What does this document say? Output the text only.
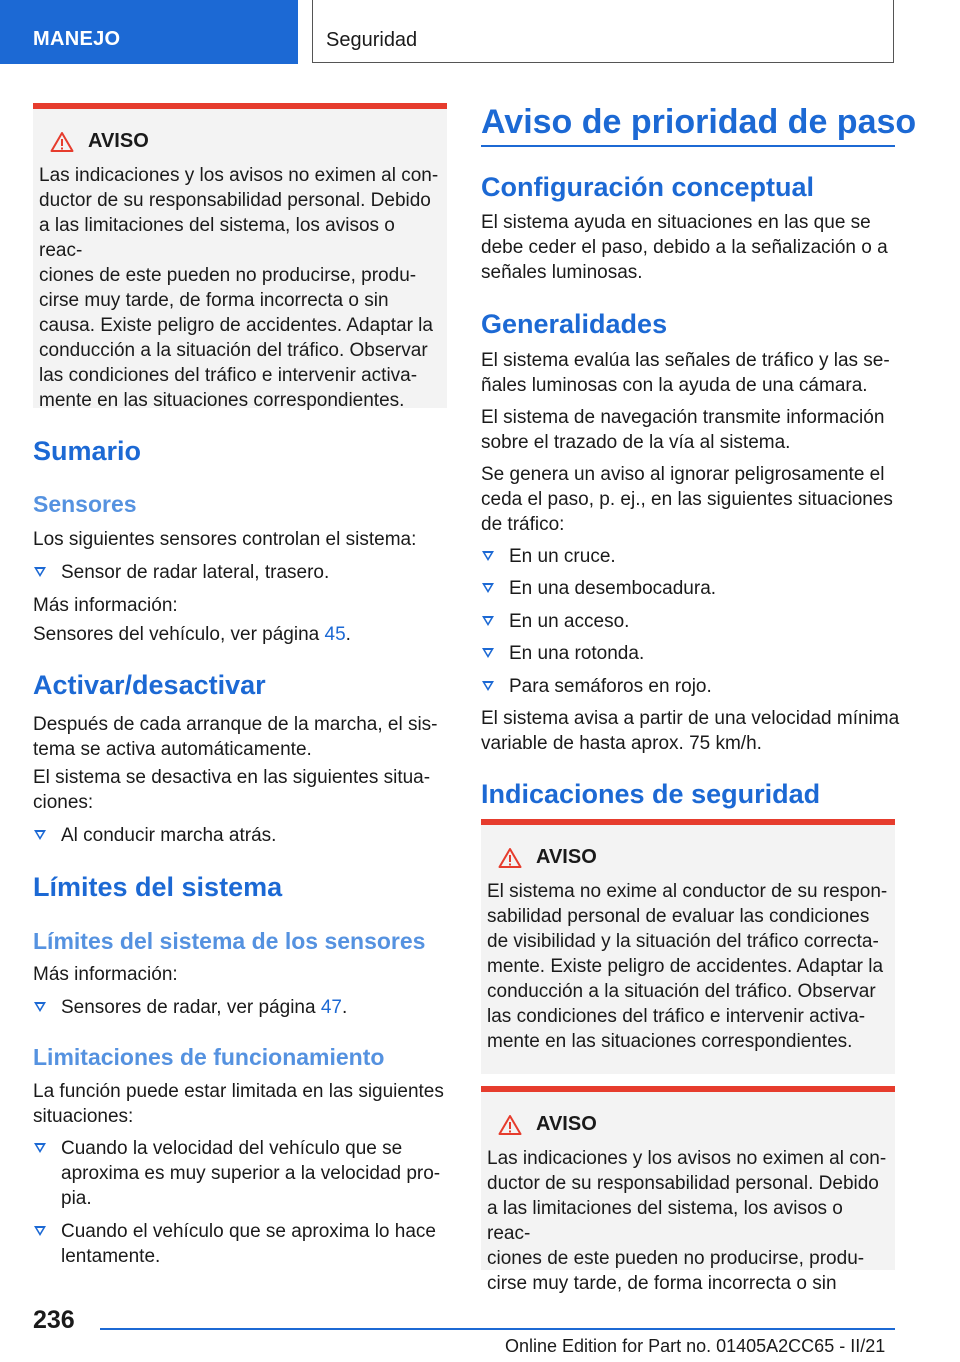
MANEJO	Seguridad
AVISO

Las indicaciones y los avisos no eximen al con-
ductor de su responsabilidad personal. Debido
a las limitaciones del sistema, los avisos o reac-
ciones de este pueden no producirse, produ-
cirse muy tarde, de forma incorrecta o sin
causa. Existe peligro de accidentes. Adaptar la
conducción a la situación del tráfico. Observar
las condiciones del tráfico e intervenir activa-
mente en las situaciones correspondientes.

Sumario
Sensores

Los siguientes sensores controlan el sistema:

Sensor de radar lateral, trasero.

Más información:

Sensores del vehículo, ver página 45.

Activar/desactivar

Después de cada arranque de la marcha, el sis-
tema se activa automáticamente.

El sistema se desactiva en las siguientes situa-
ciones:

Al conducir marcha atrás.

Límites del sistema
Límites del sistema de los sensores

Más información:

Sensores de radar, ver página 47.

Limitaciones de funcionamiento

La función puede estar limitada en las siguientes
situaciones:

Cuando la velocidad del vehículo que se
aproxima es muy superior a la velocidad pro-
pia.

Cuando el vehículo que se aproxima lo hace
lentamente.

Aviso de prioridad de paso
Configuración conceptual

El sistema ayuda en situaciones en las que se
debe ceder el paso, debido a la señalización o a
señales luminosas.

Generalidades

El sistema evalúa las señales de tráfico y las se-
ñales luminosas con la ayuda de una cámara.

El sistema de navegación transmite información
sobre el trazado de la vía al sistema.

Se genera un aviso al ignorar peligrosamente el
ceda el paso, p. ej., en las siguientes situaciones
de tráfico:

En un cruce.

En una desembocadura.

En un acceso.

En una rotonda.

Para semáforos en rojo.

El sistema avisa a partir de una velocidad mínima
variable de hasta aprox. 75 km/h.

Indicaciones de seguridad
AVISO

El sistema no exime al conductor de su respon-
sabilidad personal de evaluar las condiciones
de visibilidad y la situación del tráfico correcta-
mente. Existe peligro de accidentes. Adaptar la
conducción a la situación del tráfico. Observar
las condiciones del tráfico e intervenir activa-
mente en las situaciones correspondientes.

AVISO

Las indicaciones y los avisos no eximen al con-
ductor de su responsabilidad personal. Debido
a las limitaciones del sistema, los avisos o reac-
ciones de este pueden no producirse, produ-
cirse muy tarde, de forma incorrecta o sin

236
Online Edition for Part no. 01405A2CC65 - II/21
